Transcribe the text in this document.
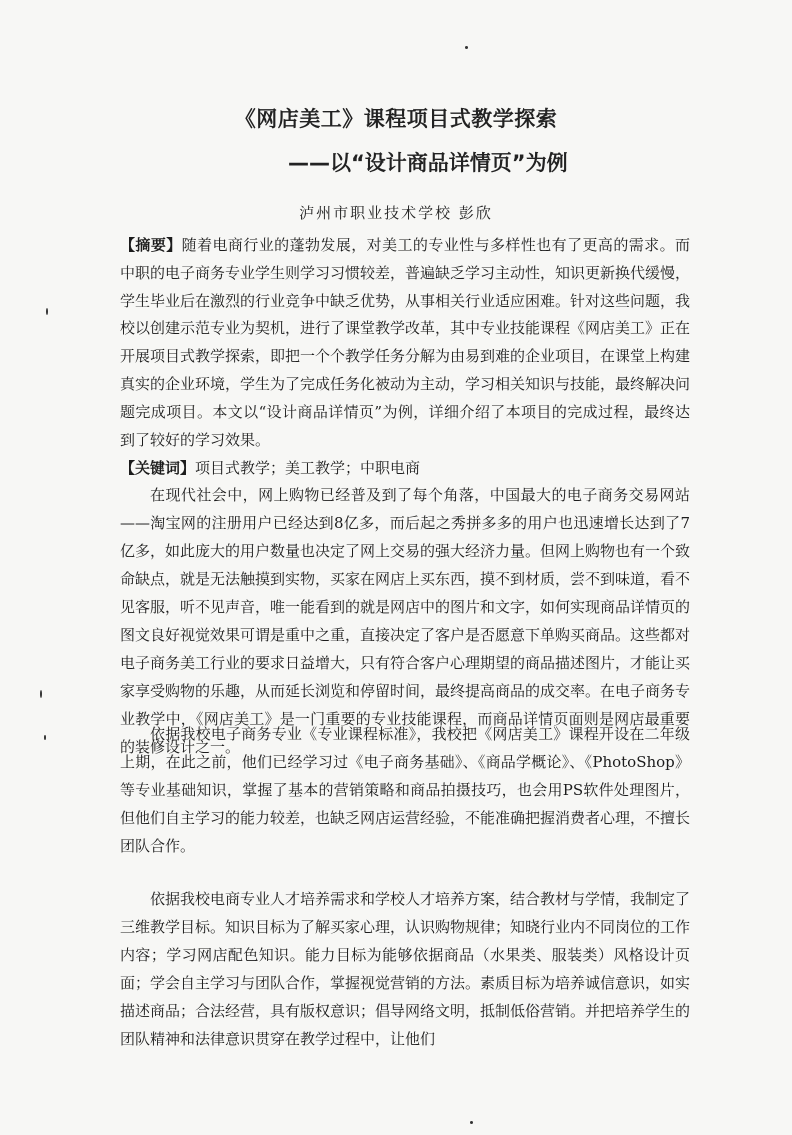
《网店美工》课程项目式教学探索
——以“设计商品详情页”为例
泸州市职业技术学校 彭欣
【摘要】随着电商行业的蓬勃发展，对美工的专业性与多样性也有了更高的需求。而中职的电子商务专业学生则学习习惯较差，普遍缺乏学习主动性，知识更新换代缓慢，学生毕业后在激烈的行业竞争中缺乏优势，从事相关行业适应困难。针对这些问题，我校以创建示范专业为契机，进行了课堂教学改革，其中专业技能课程《网店美工》正在开展项目式教学探索，即把一个个教学任务分解为由易到难的企业项目，在课堂上构建真实的企业环境，学生为了完成任务化被动为主动，学习相关知识与技能，最终解决问题完成项目。本文以“设计商品详情页”为例，详细介绍了本项目的完成过程，最终达到了较好的学习效果。
【关键词】项目式教学；美工教学；中职电商

在现代社会中，网上购物已经普及到了每个角落，中国最大的电子商务交易网站——淘宝网的注册用户已经达到8亿多，而后起之秀拼多多的用户也迅速增长达到了7亿多，如此庞大的用户数量也决定了网上交易的强大经济力量。但网上购物也有一个致命缺点，就是无法触摸到实物，买家在网店上买东西，摸不到材质，尝不到味道，看不见客服，听不见声音，唯一能看到的就是网店中的图片和文字，如何实现商品详情页的图文良好视觉效果可谓是重中之重，直接决定了客户是否愿意下单购买商品。这些都对电子商务美工行业的要求日益增大，只有符合客户心理期望的商品描述图片，才能让买家享受购物的乐趣，从而延长浏览和停留时间，最终提高商品的成交率。在电子商务专业教学中，《网店美工》是一门重要的专业技能课程，而商品详情页面则是网店最重要的装修设计之一。

依据我校电子商务专业《专业课程标准》，我校把《网店美工》课程开设在二年级上期，在此之前，他们已经学习过《电子商务基础》、《商品学概论》、《PhotoShop》等专业基础知识，掌握了基本的营销策略和商品拍摄技巧，也会用PS软件处理图片，但他们自主学习的能力较差，也缺乏网店运营经验，不能准确把握消费者心理，不擅长团队合作。

依据我校电商专业人才培养需求和学校人才培养方案，结合教材与学情，我制定了三维教学目标。知识目标为了解买家心理，认识购物规律；知晓行业内不同岗位的工作内容；学习网店配色知识。能力目标为能够依据商品（水果类、服装类）风格设计页面；学会自主学习与团队合作，掌握视觉营销的方法。素质目标为培养诚信意识，如实描述商品；合法经营，具有版权意识；倡导网络文明，抵制低俗营销。并把培养学生的团队精神和法律意识贯穿在教学过程中，让他们
